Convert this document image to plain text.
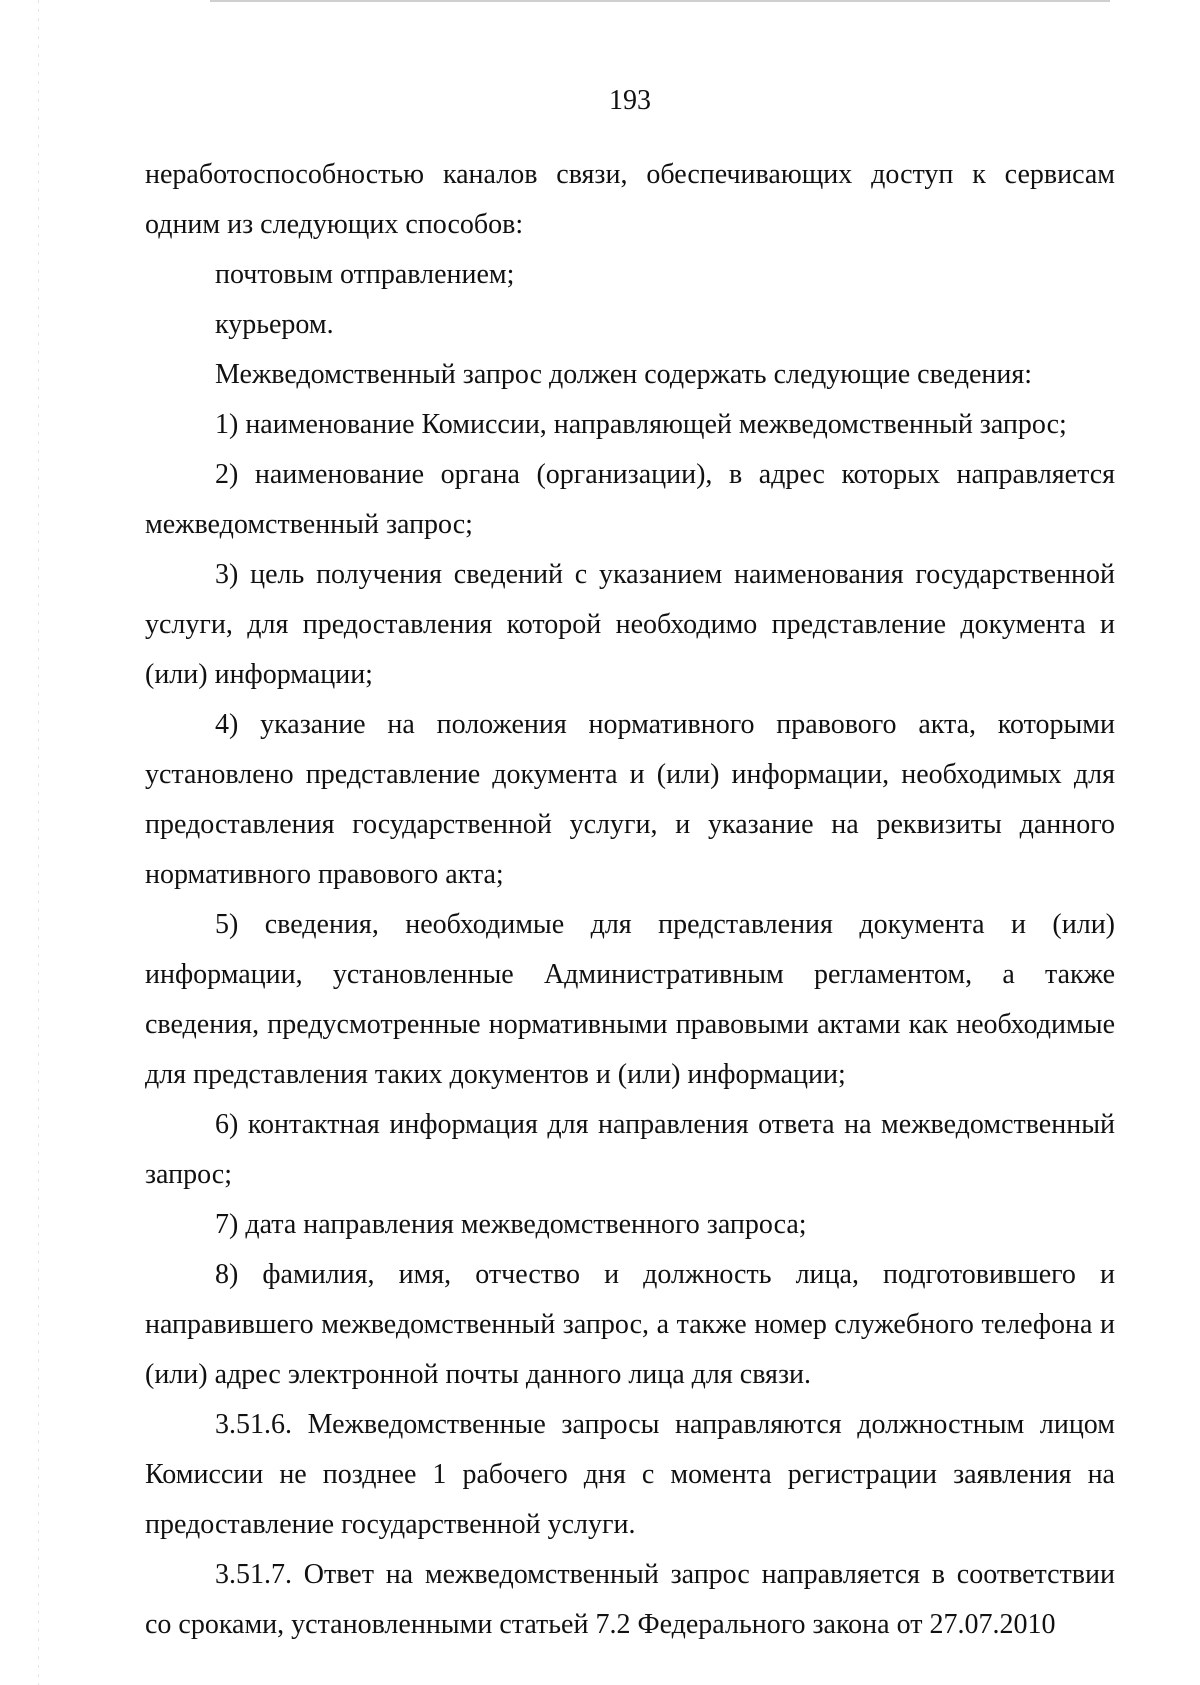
193

неработоспособностью каналов связи, обеспечивающих доступ к сервисам одним из следующих способов:

почтовым отправлением;

курьером.

Межведомственный запрос должен содержать следующие сведения:

1) наименование Комиссии, направляющей межведомственный запрос;

2) наименование органа (организации), в адрес которых направляется межведомственный запрос;

3) цель получения сведений с указанием наименования государственной услуги, для предоставления которой необходимо представление документа и (или) информации;

4) указание на положения нормативного правового акта, которыми установлено представление документа и (или) информации, необходимых для предоставления государственной услуги, и указание на реквизиты данного нормативного правового акта;

5) сведения, необходимые для представления документа и (или) информации, установленные Административным регламентом, а также сведения, предусмотренные нормативными правовыми актами как необходимые для представления таких документов и (или) информации;

6) контактная информация для направления ответа на межведомственный запрос;

7) дата направления межведомственного запроса;

8) фамилия, имя, отчество и должность лица, подготовившего и направившего межведомственный запрос, а также номер служебного телефона и (или) адрес электронной почты данного лица для связи.

3.51.6. Межведомственные запросы направляются должностным лицом Комиссии не позднее 1 рабочего дня с момента регистрации заявления на предоставление государственной услуги.

3.51.7. Ответ на межведомственный запрос направляется в соответствии со сроками, установленными статьей 7.2 Федерального закона от 27.07.2010
